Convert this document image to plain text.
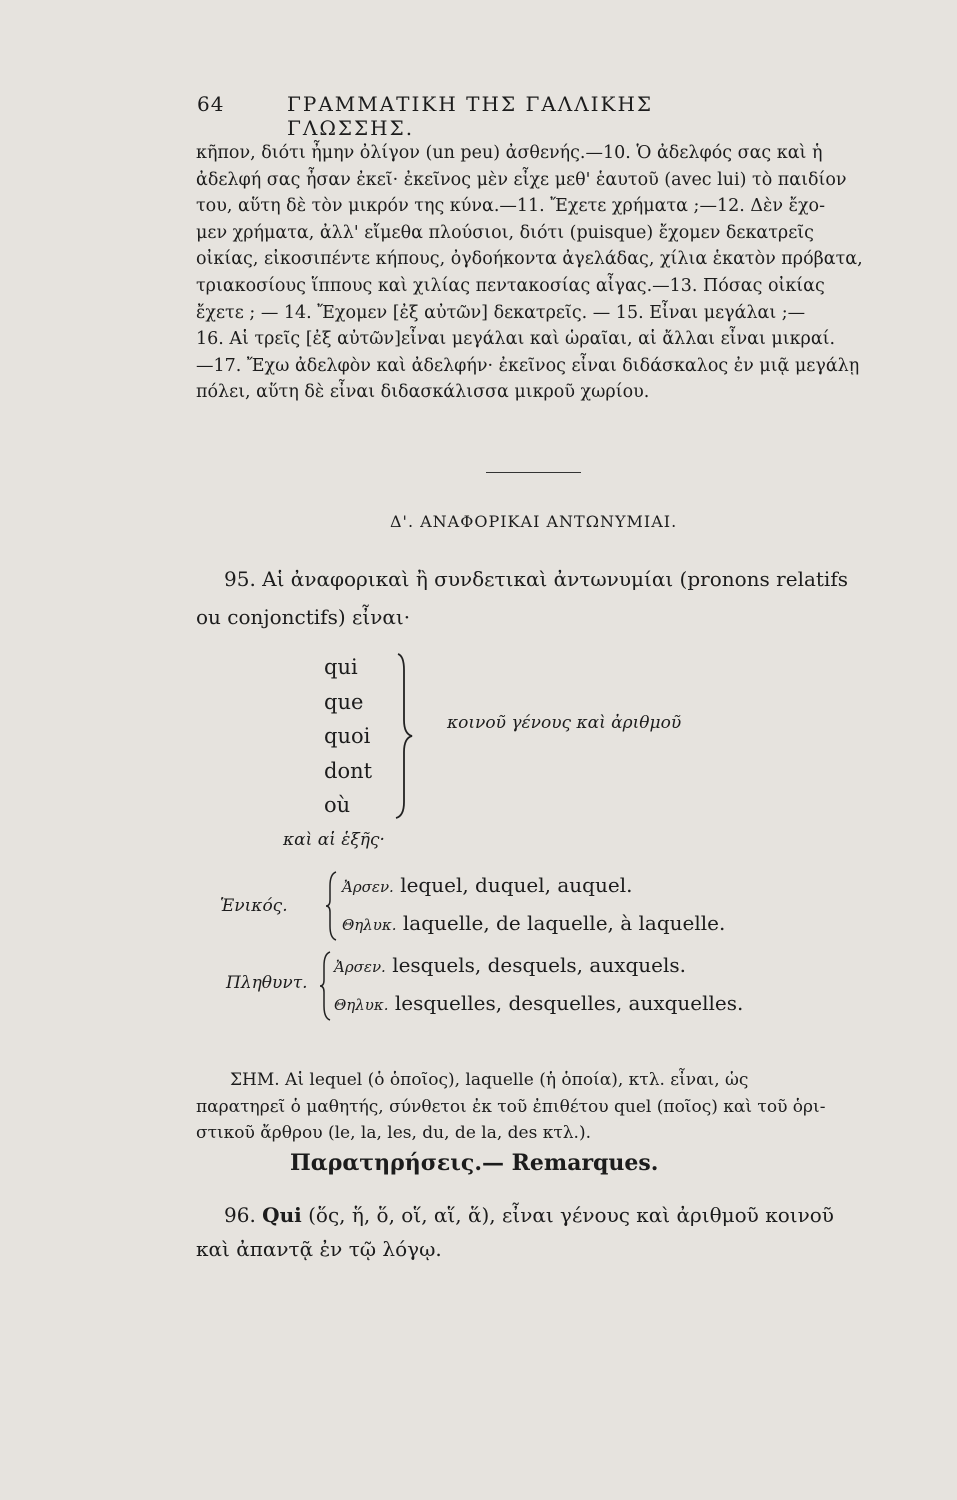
64	ΓΡΑΜΜΑΤΙΚΗ ΤΗΣ ΓΑΛΛΙΚΗΣ ΓΛΩΣΣΗΣ.
κῆπον, διότι ἦμην ὀλίγον (un peu) ἀσθενής.—10. Ὁ ἀδελφός σας καὶ ἡ
ἀδελφή σας ἦσαν ἐκεῖ· ἐκεῖνος μὲν εἶχε μεθ' ἑαυτοῦ (avec lui) τὸ παιδίον
του, αὕτη δὲ τὸν μικρόν της κύνα.—11. Ἔχετε χρήματα ;—12. Δὲν ἔχο-
μεν χρήματα, ἀλλ' εἴμεθα πλούσιοι, διότι (puisque) ἔχομεν δεκατρεῖς
οἰκίας, εἰκοσιπέντε κήπους, ὀγδοήκοντα ἀγελάδας, χίλια ἑκατὸν πρόβατα,
τριακοσίους ἵππους καὶ χιλίας πεντακοσίας αἶγας.—13. Πόσας οἰκίας
ἔχετε ; — 14. Ἔχομεν [ἐξ αὐτῶν] δεκατρεῖς. — 15. Εἶναι μεγάλαι ;—
16. Αἱ τρεῖς [ἐξ αὐτῶν]εἶναι μεγάλαι καὶ ὡραῖαι, αἱ ἄλλαι εἶναι μικραί.
—17. Ἔχω ἀδελφὸν καὶ ἀδελφήν· ἐκεῖνος εἶναι διδάσκαλος ἐν μιᾷ μεγάλῃ
πόλει, αὕτη δὲ εἶναι διδασκάλισσα μικροῦ χωρίου.
Δ'. ΑΝΑΦΟΡΙΚΑΙ ΑΝΤΩΝΥΜΙΑΙ.
95. Αἱ ἀναφορικαὶ ἢ συνδετικαὶ ἀντωνυμίαι (pronons relatifs
ou conjonctifs) εἶναι·
qui
que
quoi
dont
où
κοινοῦ γένους καὶ ἀριθμοῦ
καὶ αἱ ἑξῆς·
Ἑνικός.
Ἀρσεν. lequel, duquel, auquel.
Θηλυκ. laquelle, de laquelle, à laquelle.
Πληθυντ.
Ἀρσεν. lesquels, desquels, auxquels.
Θηλυκ. lesquelles, desquelles, auxquelles.
ΣΗΜ. Αἱ lequel (ὁ ὁποῖος), laquelle (ἡ ὁποία), κτλ. εἶναι, ὡς
παρατηρεῖ ὁ μαθητής, σύνθετοι ἐκ τοῦ ἐπιθέτου quel (ποῖος) καὶ τοῦ ὁρι-
στικοῦ ἄρθρου (le, la, les, du, de la, des κτλ.).
Παρατηρήσεις.— Remarques.
96. Qui (ὅς, ἥ, ὅ, οἵ, αἵ, ἅ), εἶναι γένους καὶ ἀριθμοῦ κοινοῦ
καὶ ἀπαντᾷ ἐν τῷ λόγῳ.
